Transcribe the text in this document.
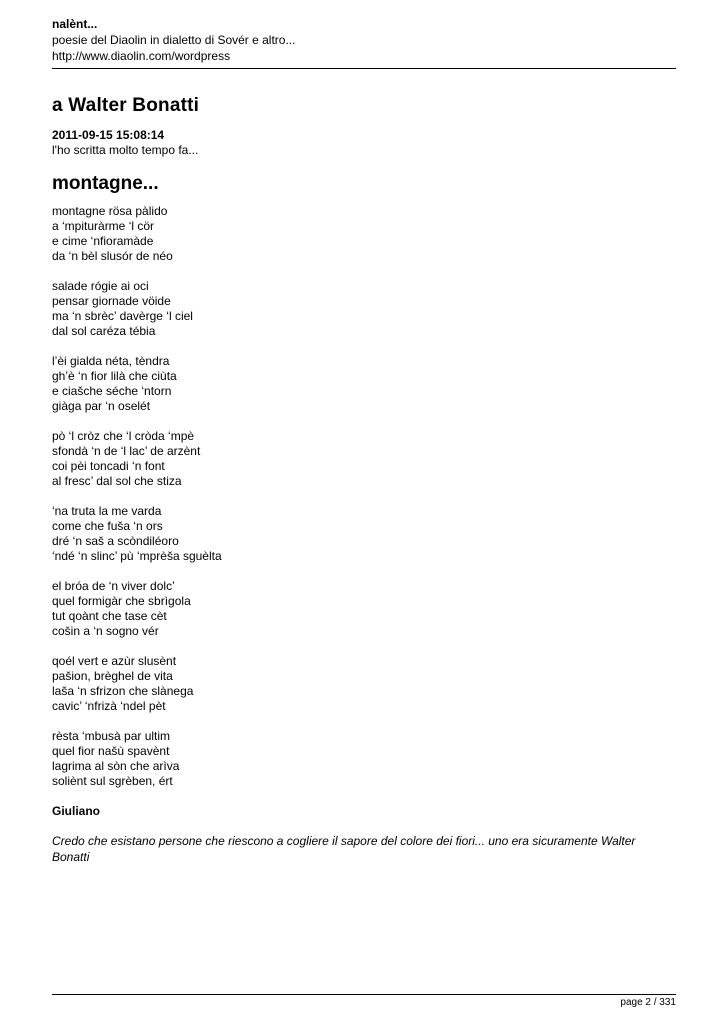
nalènt...
poesie del Diaolin in dialetto di Sovér e altro...
http://www.diaolin.com/wordpress
a Walter Bonatti
2011-09-15 15:08:14
l'ho scritta molto tempo fa...
montagne...
montagne rösa pàlido
a ‘mpituràrme ‘l cör
e cime ‘nfioramàde
da ‘n bèl slusór de néo
salade rógie ai oci
pensar giornade vöide
ma ‘n sbrèc’ davèrge ‘l ciel
dal sol caréza tébia
l’èi gialda néta, tèndra
gh’è ‘n fior lilà che ciùta
e ciašche séche ‘ntorn
giàga par ‘n oselét
pò ‘l cròz che ‘l cròda ‘mpè
sfondà ‘n de ‘l lac’ de arzènt
coi pèi toncadi ‘n font
al fresc’ dal sol che stiza
‘na truta la me varda
come che fuša ‘n ors
dré ‘n saš a scòndiléoro
‘ndé ‘n slinc’ pù ‘mprèša sguèlta
el bróa de ‘n viver dolc’
quel formigàr che sbrìgola
tut qoànt che tase cèt
cošin a ‘n sogno vér
qoél vert e azùr slusènt
pašion, brèghel de vita
laša ‘n sfrizon che slànega
cavic’ ‘nfrizà ‘ndel pèt
rèsta ‘mbusà par ultim
quel fior našù spavènt
lagrima al sòn che arìva
soliènt sul sgrèben, ért
Giuliano
Credo che esistano persone che riescono a cogliere il sapore del colore dei fiori... uno era sicuramente Walter Bonatti
page 2 / 331
